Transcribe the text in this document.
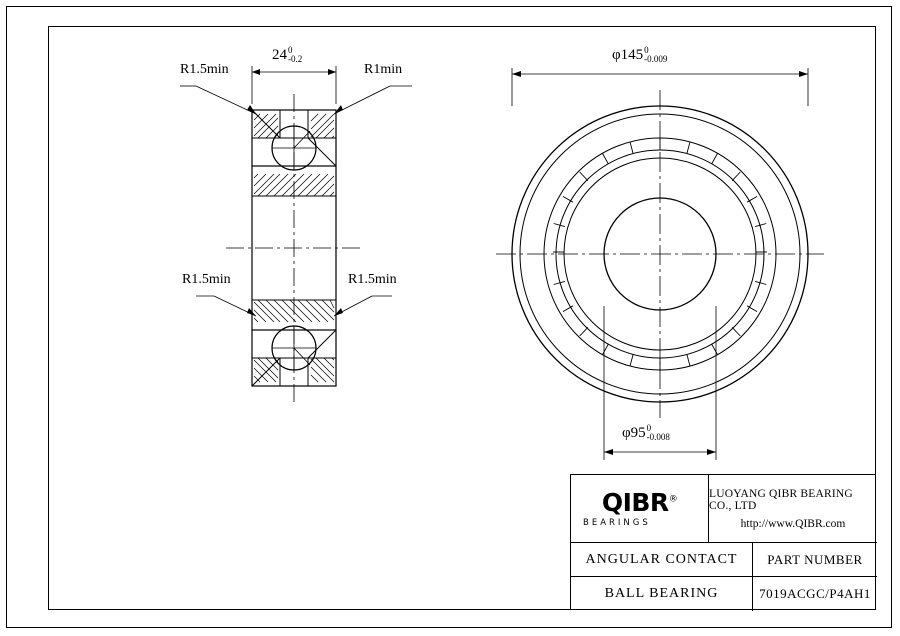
R1.5min	R1min
R1.5min	R1.5min
24 0
-0.2	φ145 0
-0.009
φ95 0
-0.008
QIBR®
BEARINGS
LUOYANG QIBR BEARING CO., LTD
http://www.QIBR.com
ANGULAR CONTACT	PART NUMBER
BALL BEARING	7019ACGC/P4AH1
